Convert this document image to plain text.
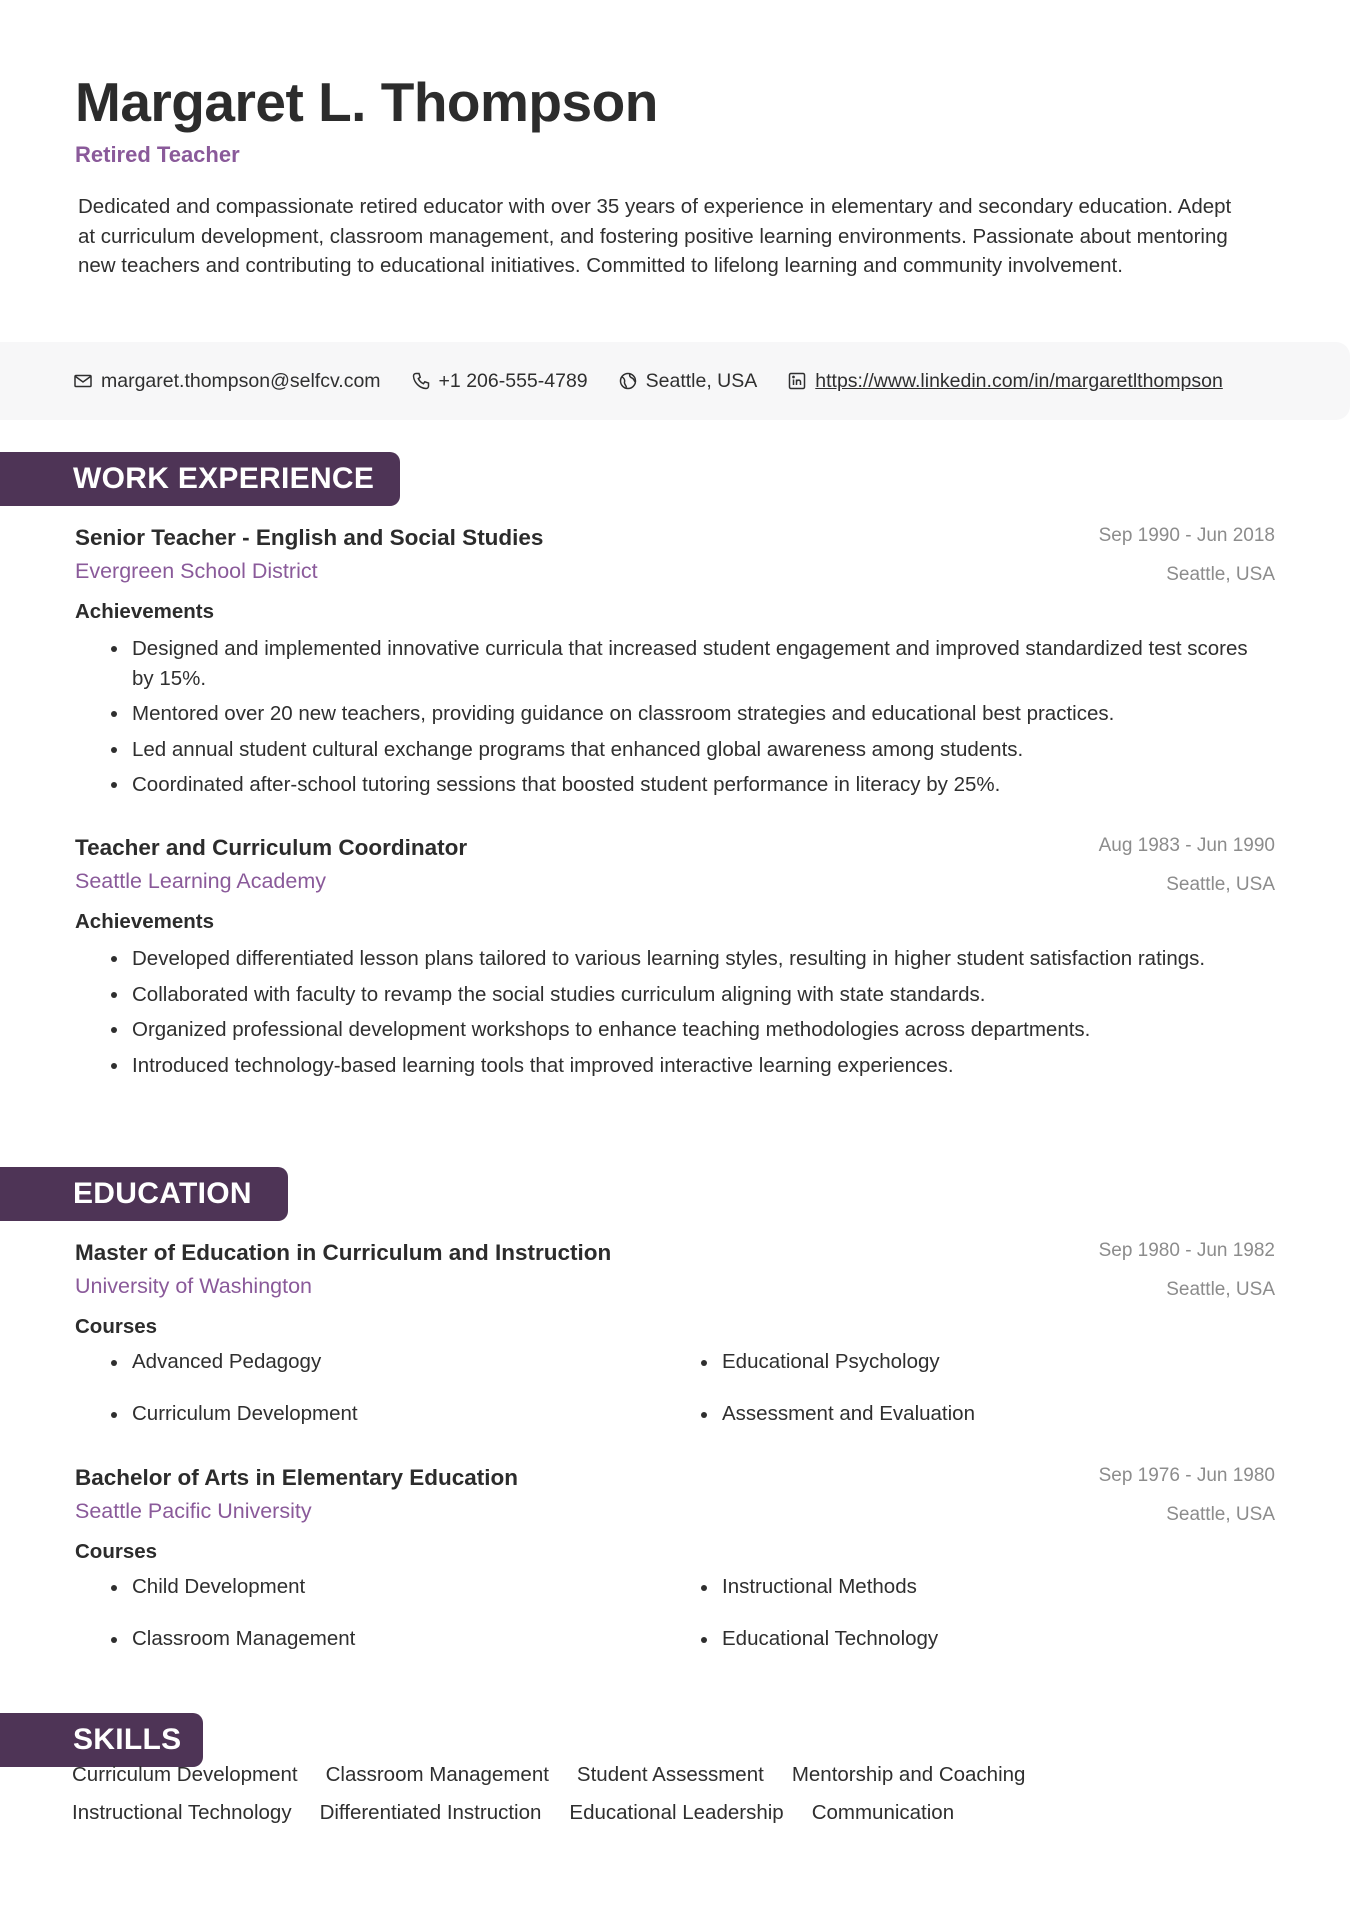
Margaret L. Thompson
Retired Teacher
Dedicated and compassionate retired educator with over 35 years of experience in elementary and secondary education. Adept at curriculum development, classroom management, and fostering positive learning environments. Passionate about mentoring new teachers and contributing to educational initiatives. Committed to lifelong learning and community involvement.
margaret.thompson@selfcv.com	+1 206-555-4789	Seattle, USA	https://www.linkedin.com/in/margaretlthompson
WORK EXPERIENCE
Senior Teacher - English and Social Studies
Evergreen School District
Sep 1990 - Jun 2018
Seattle, USA
Achievements
Designed and implemented innovative curricula that increased student engagement and improved standardized test scores by 15%.
Mentored over 20 new teachers, providing guidance on classroom strategies and educational best practices.
Led annual student cultural exchange programs that enhanced global awareness among students.
Coordinated after-school tutoring sessions that boosted student performance in literacy by 25%.
Teacher and Curriculum Coordinator
Seattle Learning Academy
Aug 1983 - Jun 1990
Seattle, USA
Achievements
Developed differentiated lesson plans tailored to various learning styles, resulting in higher student satisfaction ratings.
Collaborated with faculty to revamp the social studies curriculum aligning with state standards.
Organized professional development workshops to enhance teaching methodologies across departments.
Introduced technology-based learning tools that improved interactive learning experiences.
EDUCATION
Master of Education in Curriculum and Instruction
University of Washington
Sep 1980 - Jun 1982
Seattle, USA
Courses
Advanced Pedagogy	Educational Psychology
Curriculum Development	Assessment and Evaluation
Bachelor of Arts in Elementary Education
Seattle Pacific University
Sep 1976 - Jun 1980
Seattle, USA
Courses
Child Development	Instructional Methods
Classroom Management	Educational Technology
SKILLS
Curriculum Development Classroom Management Student Assessment Mentorship and Coaching
Instructional Technology Differentiated Instruction Educational Leadership Communication
